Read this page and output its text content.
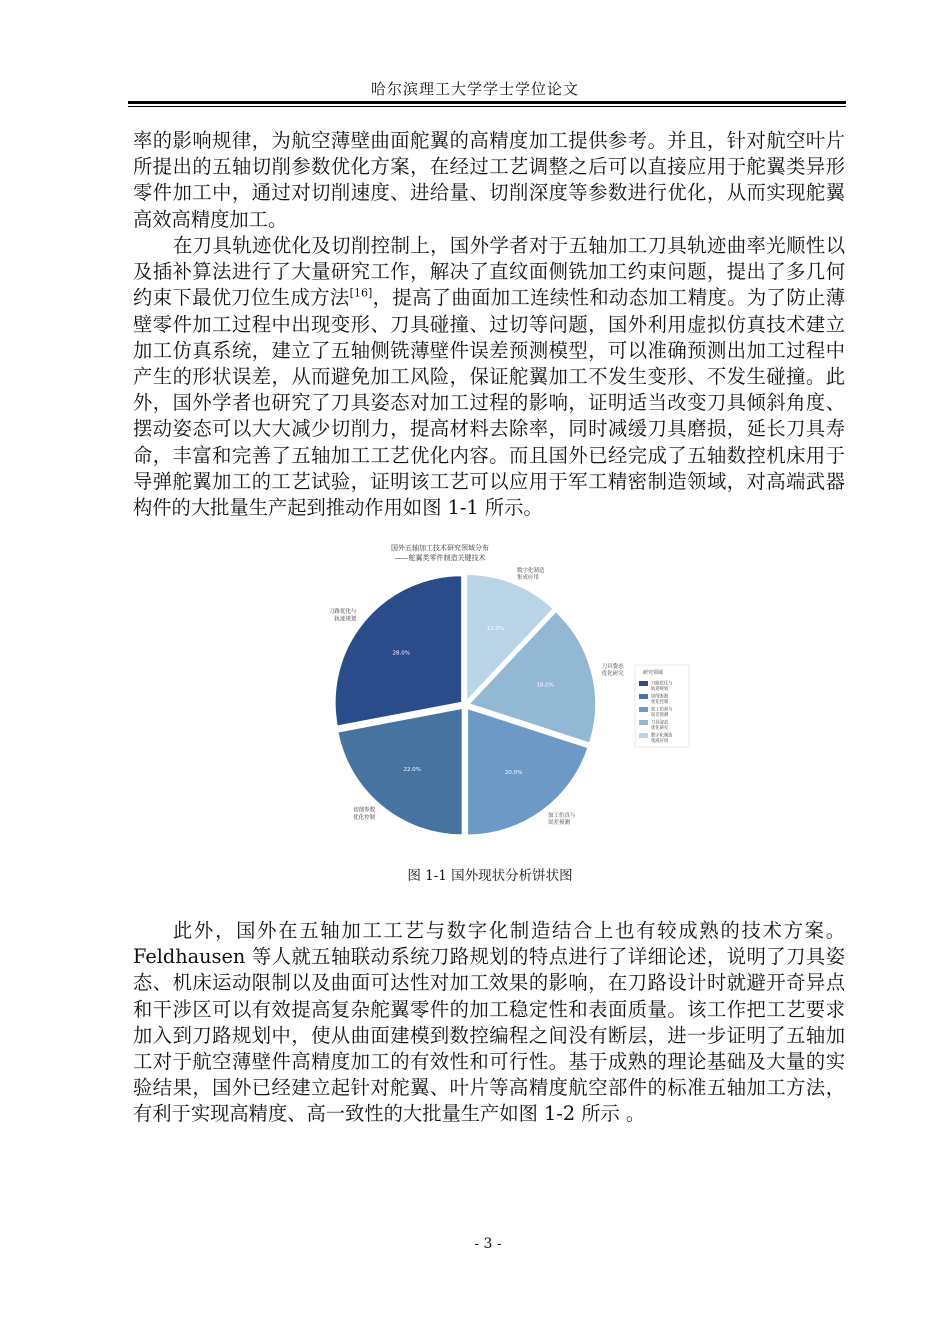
哈尔滨理工大学学士学位论文

率的影响规律，为航空薄壁曲面舵翼的高精度加工提供参考。并且，针对航空叶片所提出的五轴切削参数优化方案，在经过工艺调整之后可以直接应用于舵翼类异形零件加工中，通过对切削速度、进给量、切削深度等参数进行优化，从而实现舵翼高效高精度加工。

在刀具轨迹优化及切削控制上，国外学者对于五轴加工刀具轨迹曲率光顺性以及插补算法进行了大量研究工作，解决了直纹面侧铣加工约束问题，提出了多几何约束下最优刀位生成方法[16]，提高了曲面加工连续性和动态加工精度。为了防止薄壁零件加工过程中出现变形、刀具碰撞、过切等问题，国外利用虚拟仿真技术建立加工仿真系统，建立了五轴侧铣薄壁件误差预测模型，可以准确预测出加工过程中产生的形状误差，从而避免加工风险，保证舵翼加工不发生变形、不发生碰撞。此外，国外学者也研究了刀具姿态对加工过程的影响，证明适当改变刀具倾斜角度、摆动姿态可以大大减少切削力，提高材料去除率，同时减缓刀具磨损，延长刀具寿命，丰富和完善了五轴加工工艺优化内容。而且国外已经完成了五轴数控机床用于导弹舵翼加工的工艺试验，证明该工艺可以应用于军工精密制造领域，对高端武器构件的大批量生产起到推动作用如图 1-1 所示。

国外五轴加工技术研究领域分布
——舵翼类零件制造关键技术
12.0%
数字化制造集成应用
18.0%
刀具姿态优化研究
20.0%
加工仿真与误差预测
22.0%
切削参数优化控制
28.0%
刀路优化与轨迹规划
研究领域
刀路优化与轨迹规划
切削参数优化控制
加工仿真与误差预测
刀具姿态优化研究
数字化制造集成应用
图 1-1 国外现状分析饼状图

此外，国外在五轴加工工艺与数字化制造结合上也有较成熟的技术方案。Feldhausen 等人就五轴联动系统刀路规划的特点进行了详细论述，说明了刀具姿态、机床运动限制以及曲面可达性对加工效果的影响，在刀路设计时就避开奇异点和干涉区可以有效提高复杂舵翼零件的加工稳定性和表面质量。该工作把工艺要求加入到刀路规划中，使从曲面建模到数控编程之间没有断层，进一步证明了五轴加工对于航空薄壁件高精度加工的有效性和可行性。基于成熟的理论基础及大量的实验结果，国外已经建立起针对舵翼、叶片等高精度航空部件的标准五轴加工方法，有利于实现高精度、高一致性的大批量生产如图 1-2 所示 。

- 3 -
